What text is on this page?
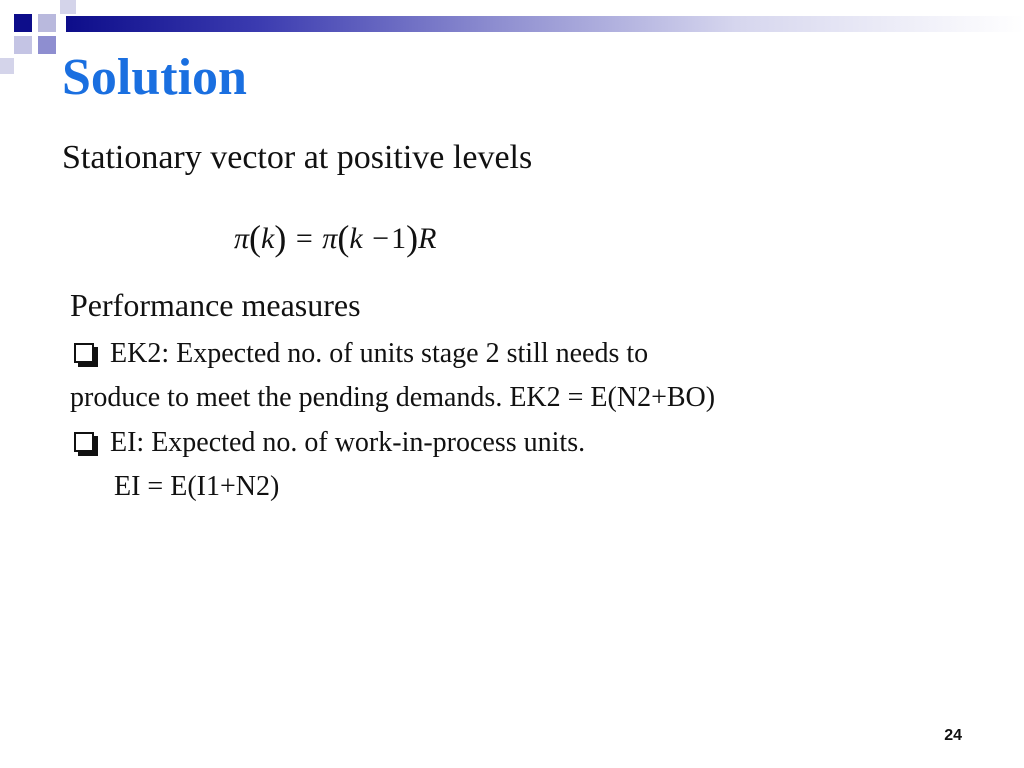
Solution

Stationary vector at positive levels

π(k) = π(k −1)R

Performance measures

EK2: Expected no. of units stage 2 still needs to

produce to meet the pending demands. EK2 = E(N2+BO)

EI: Expected no. of work-in-process units.

EI = E(I1+N2)

24
